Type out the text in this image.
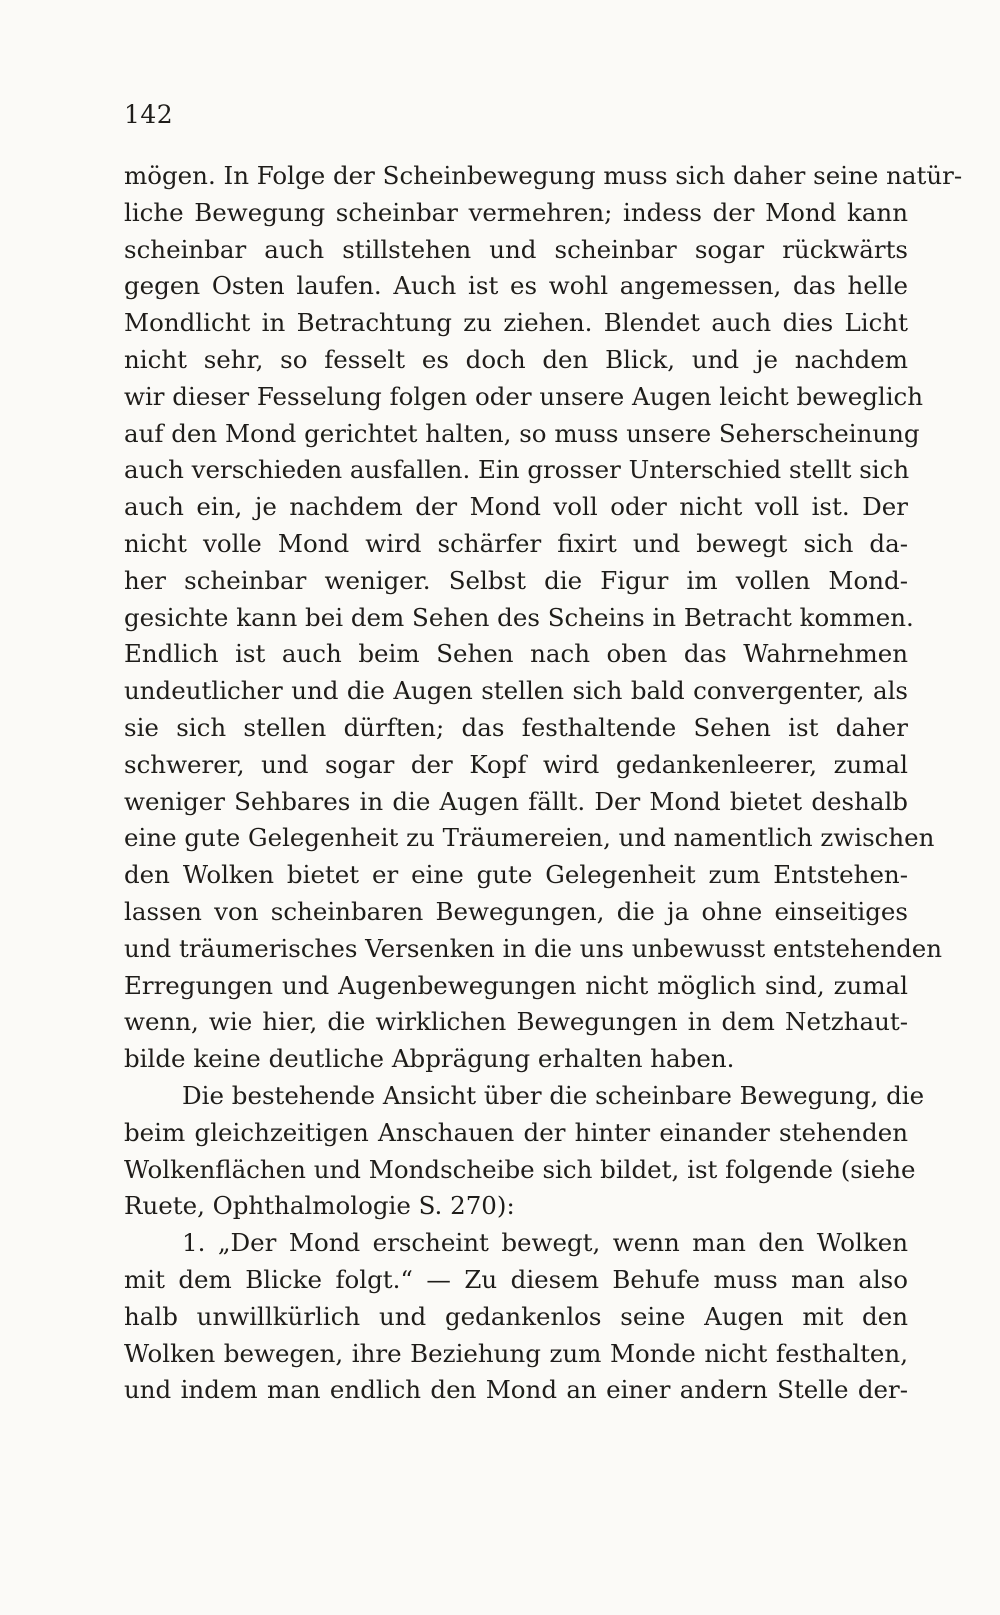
142
mögen. In Folge der Scheinbewegung muss sich daher seine natür-
liche Bewegung scheinbar vermehren; indess der Mond kann
scheinbar auch stillstehen und scheinbar sogar rückwärts
gegen Osten laufen. Auch ist es wohl angemessen, das helle
Mondlicht in Betrachtung zu ziehen. Blendet auch dies Licht
nicht sehr, so fesselt es doch den Blick, und je nachdem
wir dieser Fesselung folgen oder unsere Augen leicht beweglich
auf den Mond gerichtet halten, so muss unsere Seherscheinung
auch verschieden ausfallen. Ein grosser Unterschied stellt sich
auch ein, je nachdem der Mond voll oder nicht voll ist. Der
nicht volle Mond wird schärfer fixirt und bewegt sich da-
her scheinbar weniger. Selbst die Figur im vollen Mond-
gesichte kann bei dem Sehen des Scheins in Betracht kommen.
Endlich ist auch beim Sehen nach oben das Wahrnehmen
undeutlicher und die Augen stellen sich bald convergenter, als
sie sich stellen dürften; das festhaltende Sehen ist daher
schwerer, und sogar der Kopf wird gedankenleerer, zumal
weniger Sehbares in die Augen fällt. Der Mond bietet deshalb
eine gute Gelegenheit zu Träumereien, und namentlich zwischen
den Wolken bietet er eine gute Gelegenheit zum Entstehen-
lassen von scheinbaren Bewegungen, die ja ohne einseitiges
und träumerisches Versenken in die uns unbewusst entstehenden
Erregungen und Augenbewegungen nicht möglich sind, zumal
wenn, wie hier, die wirklichen Bewegungen in dem Netzhaut-
bilde keine deutliche Abprägung erhalten haben.
Die bestehende Ansicht über die scheinbare Bewegung, die
beim gleichzeitigen Anschauen der hinter einander stehenden
Wolkenflächen und Mondscheibe sich bildet, ist folgende (siehe
Ruete, Ophthalmologie S. 270):
1. „Der Mond erscheint bewegt, wenn man den Wolken
mit dem Blicke folgt.“ — Zu diesem Behufe muss man also
halb unwillkürlich und gedankenlos seine Augen mit den
Wolken bewegen, ihre Beziehung zum Monde nicht festhalten,
und indem man endlich den Mond an einer andern Stelle der-
